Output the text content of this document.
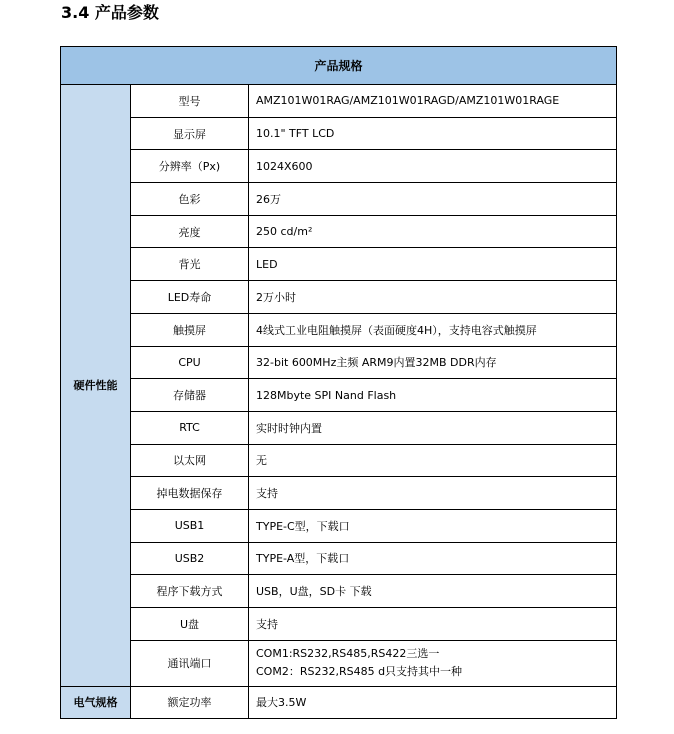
3.4 产品参数
产品规格		
硬件性能	型号	AMZ101W01RAG/AMZ101W01RAGD/AMZ101W01RAGE
	显示屏	10.1" TFT LCD
	分辨率（Px)	1024X600
	色彩	26万
	亮度	250 cd/m²
	背光	LED
	LED寿命	2万小时
	触摸屏	4线式工业电阻触摸屏（表面硬度4H），支持电容式触摸屏
	CPU	32-bit 600MHz主频 ARM9内置32MB DDR内存
	存储器	128Mbyte SPI Nand Flash
	RTC	实时时钟内置
	以太网	无
	掉电数据保存	支持
	USB1	TYPE-C型，下载口
	USB2	TYPE-A型，下载口
	程序下载方式	USB，U盘，SD卡 下载
	U盘	支持
	通讯端口	COM1:RS232,RS485,RS422三选一
COM2：RS232,RS485 d只支持其中一种

电气规格	额定功率	最大3.5W
